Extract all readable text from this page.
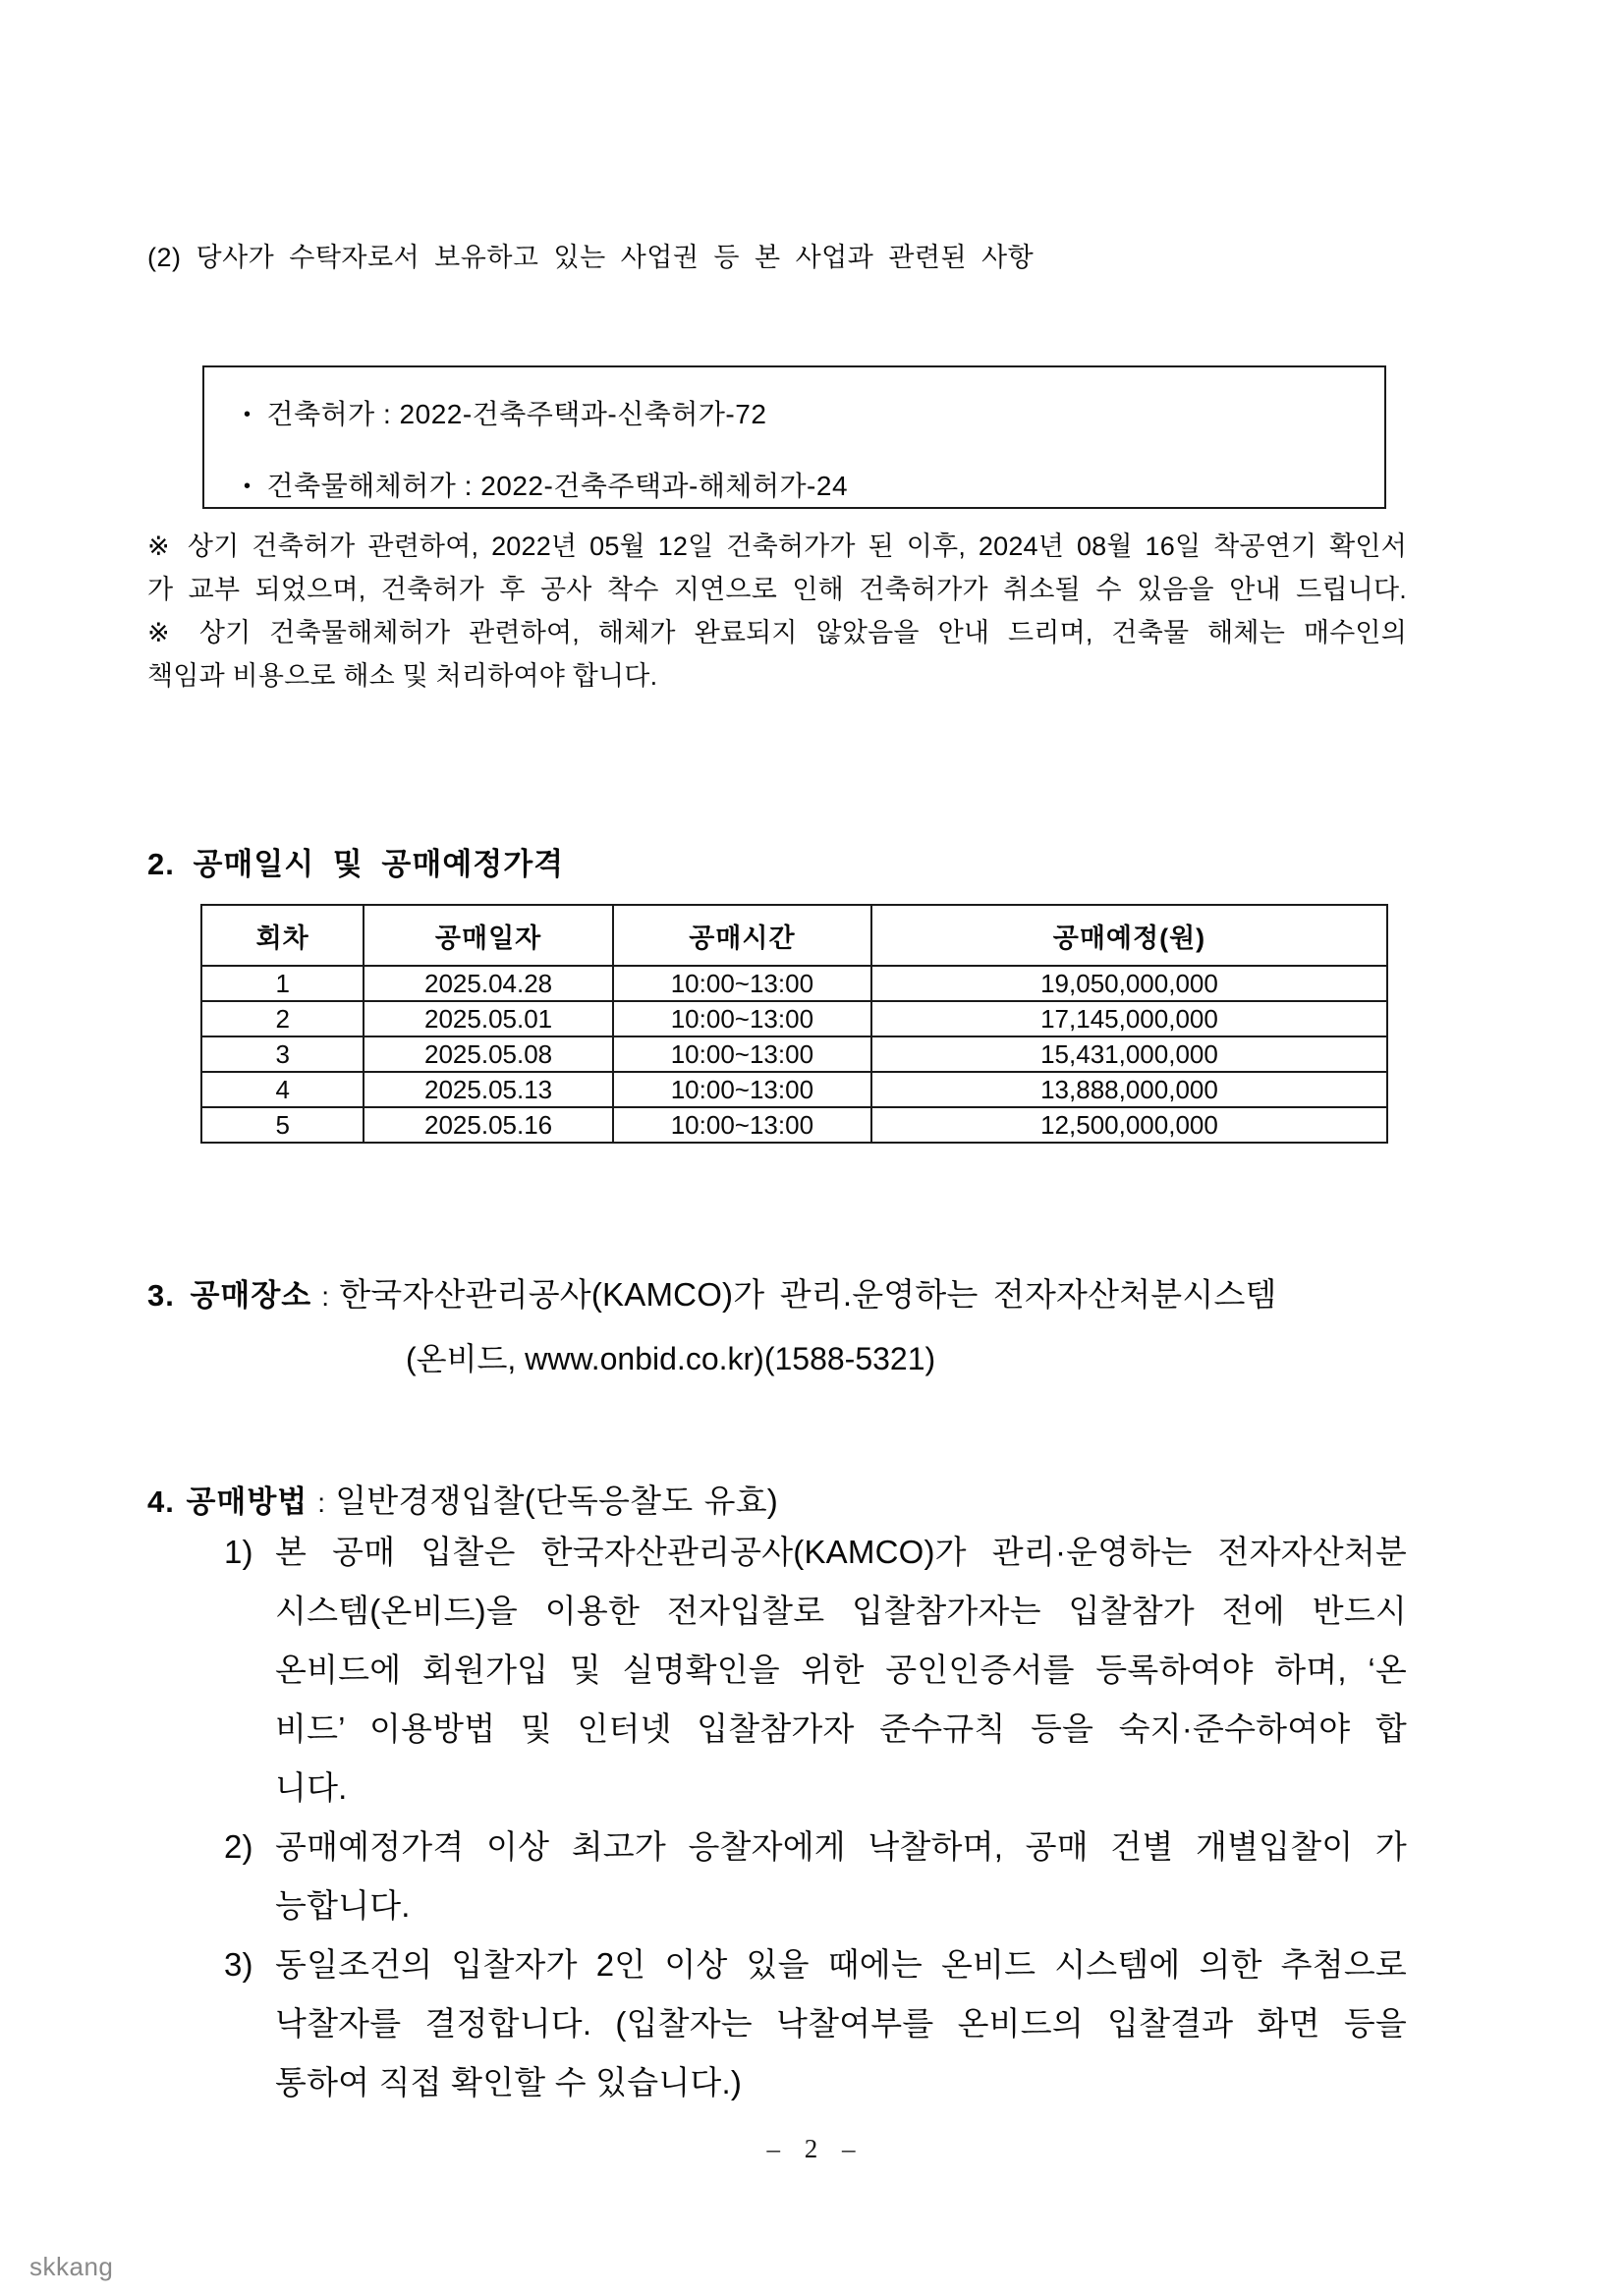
(2) 당사가 수탁자로서 보유하고 있는 사업권 등 본 사업과 관련된 사항
• 건축허가 : 2022-건축주택과-신축허가-72
• 건축물해체허가 : 2022-건축주택과-해체허가-24
※ 상기 건축허가 관련하여, 2022년 05월 12일 건축허가가 된 이후, 2024년 08월 16일 착공연기 확인서
가 교부 되었으며, 건축허가 후 공사 착수 지연으로 인해 건축허가가 취소될 수 있음을 안내 드립니다.
※ 상기 건축물해체허가 관련하여, 해체가 완료되지 않았음을 안내 드리며, 건축물 해체는 매수인의
책임과 비용으로 해소 및 처리하여야 합니다.
2. 공매일시 및 공매예정가격
회차	공매일자	공매시간	공매예정(원)
1	2025.04.28	10:00~13:00	19,050,000,000
2	2025.05.01	10:00~13:00	17,145,000,000
3	2025.05.08	10:00~13:00	15,431,000,000
4	2025.05.13	10:00~13:00	13,888,000,000
5	2025.05.16	10:00~13:00	12,500,000,000
3. 공매장소 : 한국자산관리공사(KAMCO)가 관리.운영하는 전자자산처분시스템
(온비드, www.onbid.co.kr)(1588-5321)
4. 공매방법 : 일반경쟁입찰(단독응찰도 유효)
1) 본 공매 입찰은 한국자산관리공사(KAMCO)가 관리·운영하는 전자자산처분
시스템(온비드)을 이용한 전자입찰로 입찰참가자는 입찰참가 전에 반드시
온비드에 회원가입 및 실명확인을 위한 공인인증서를 등록하여야 하며, ‘온
비드’ 이용방법 및 인터넷 입찰참가자 준수규칙 등을 숙지·준수하여야 합
니다.
2) 공매예정가격 이상 최고가 응찰자에게 낙찰하며, 공매 건별 개별입찰이 가
능합니다.
3) 동일조건의 입찰자가 2인 이상 있을 때에는 온비드 시스템에 의한 추첨으로
낙찰자를 결정합니다. (입찰자는 낙찰여부를 온비드의 입찰결과 화면 등을
통하여 직접 확인할 수 있습니다.)
– 2 –
skkang
